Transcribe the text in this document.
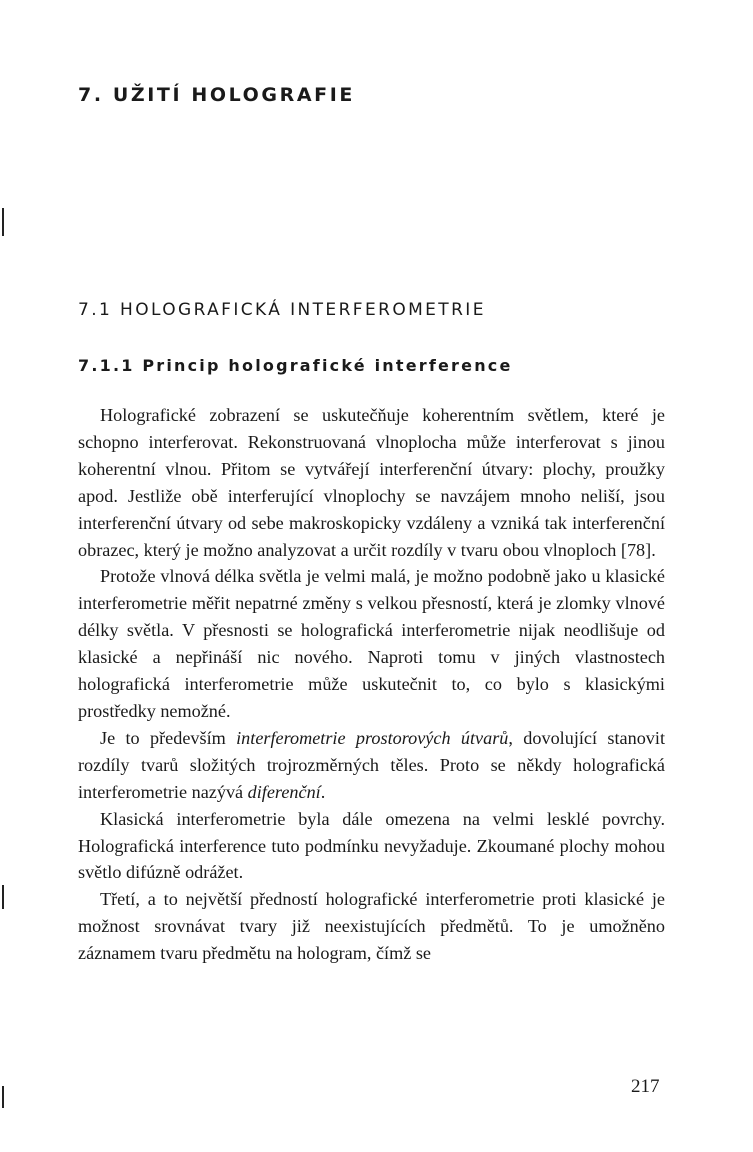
7. UŽITÍ HOLOGRAFIE
7.1 HOLOGRAFICKÁ INTERFEROMETRIE
7.1.1 Princip holografické interference

Holografické zobrazení se uskutečňuje koherentním světlem, které je schopno interferovat. Rekonstruovaná vlnoplocha může interferovat s jinou koherentní vlnou. Přitom se vytvářejí interferenční útvary: plochy, proužky apod. Jestliže obě interferující vlnoplochy se navzájem mnoho neliší, jsou interferenční útvary od sebe makroskopicky vzdáleny a vzniká tak interferenční obrazec, který je možno analyzovat a určit rozdíly v tvaru obou vlnoploch [78].

Protože vlnová délka světla je velmi malá, je možno podobně jako u klasické interferometrie měřit nepatrné změny s velkou přesností, která je zlomky vlnové délky světla. V přesnosti se holografická interferometrie nijak neodlišuje od klasické a nepřináší nic nového. Naproti tomu v jiných vlastnostech holografická interferometrie může uskutečnit to, co bylo s klasickými prostředky nemožné.

Je to především interferometrie prostorových útvarů, dovolující stanovit rozdíly tvarů složitých trojrozměrných těles. Proto se někdy holografická interferometrie nazývá diferenční.

Klasická interferometrie byla dále omezena na velmi lesklé povrchy. Holografická interference tuto podmínku nevyžaduje. Zkoumané plochy mohou světlo difúzně odrážet.

Třetí, a to největší předností holografické interferometrie proti klasické je možnost srovnávat tvary již neexistujících předmětů. To je umožněno záznamem tvaru předmětu na hologram, čímž se

217
